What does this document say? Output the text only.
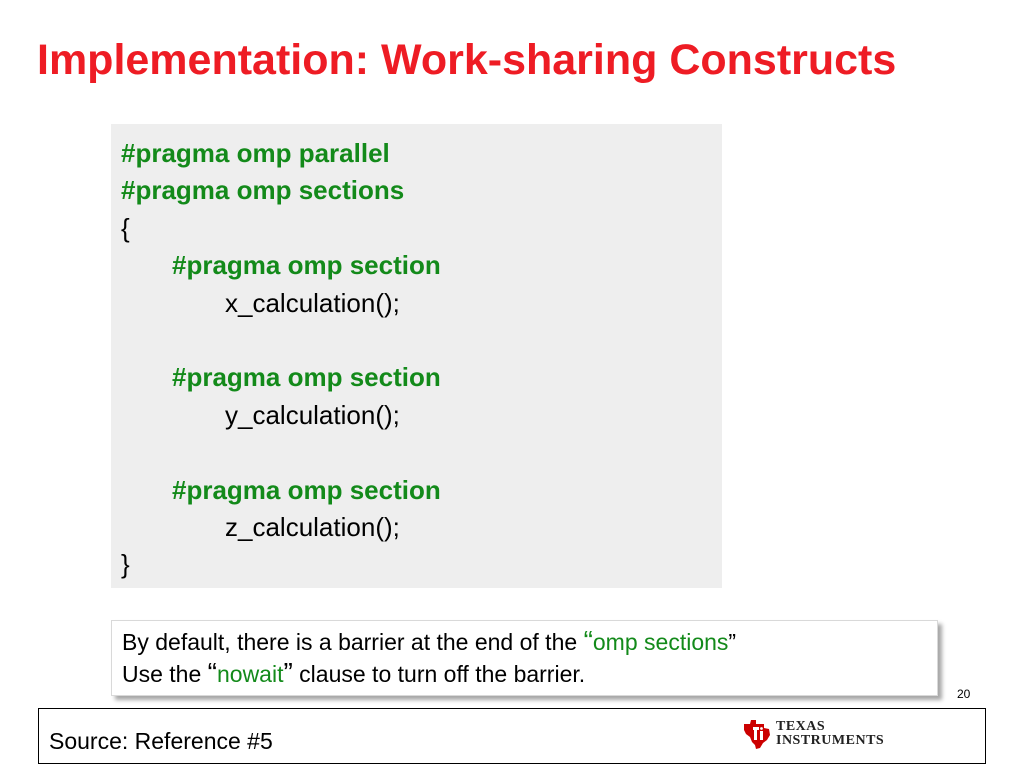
Implementation: Work-sharing Constructs
#pragma omp parallel
#pragma omp sections
{
#pragma omp section
x_calculation();
#pragma omp section
y_calculation();
#pragma omp section
z_calculation();
}
By default, there is a barrier at the end of the “omp sections”
Use the “nowait” clause to turn off the barrier.
20
Source: Reference #5
TEXAS
INSTRUMENTS
